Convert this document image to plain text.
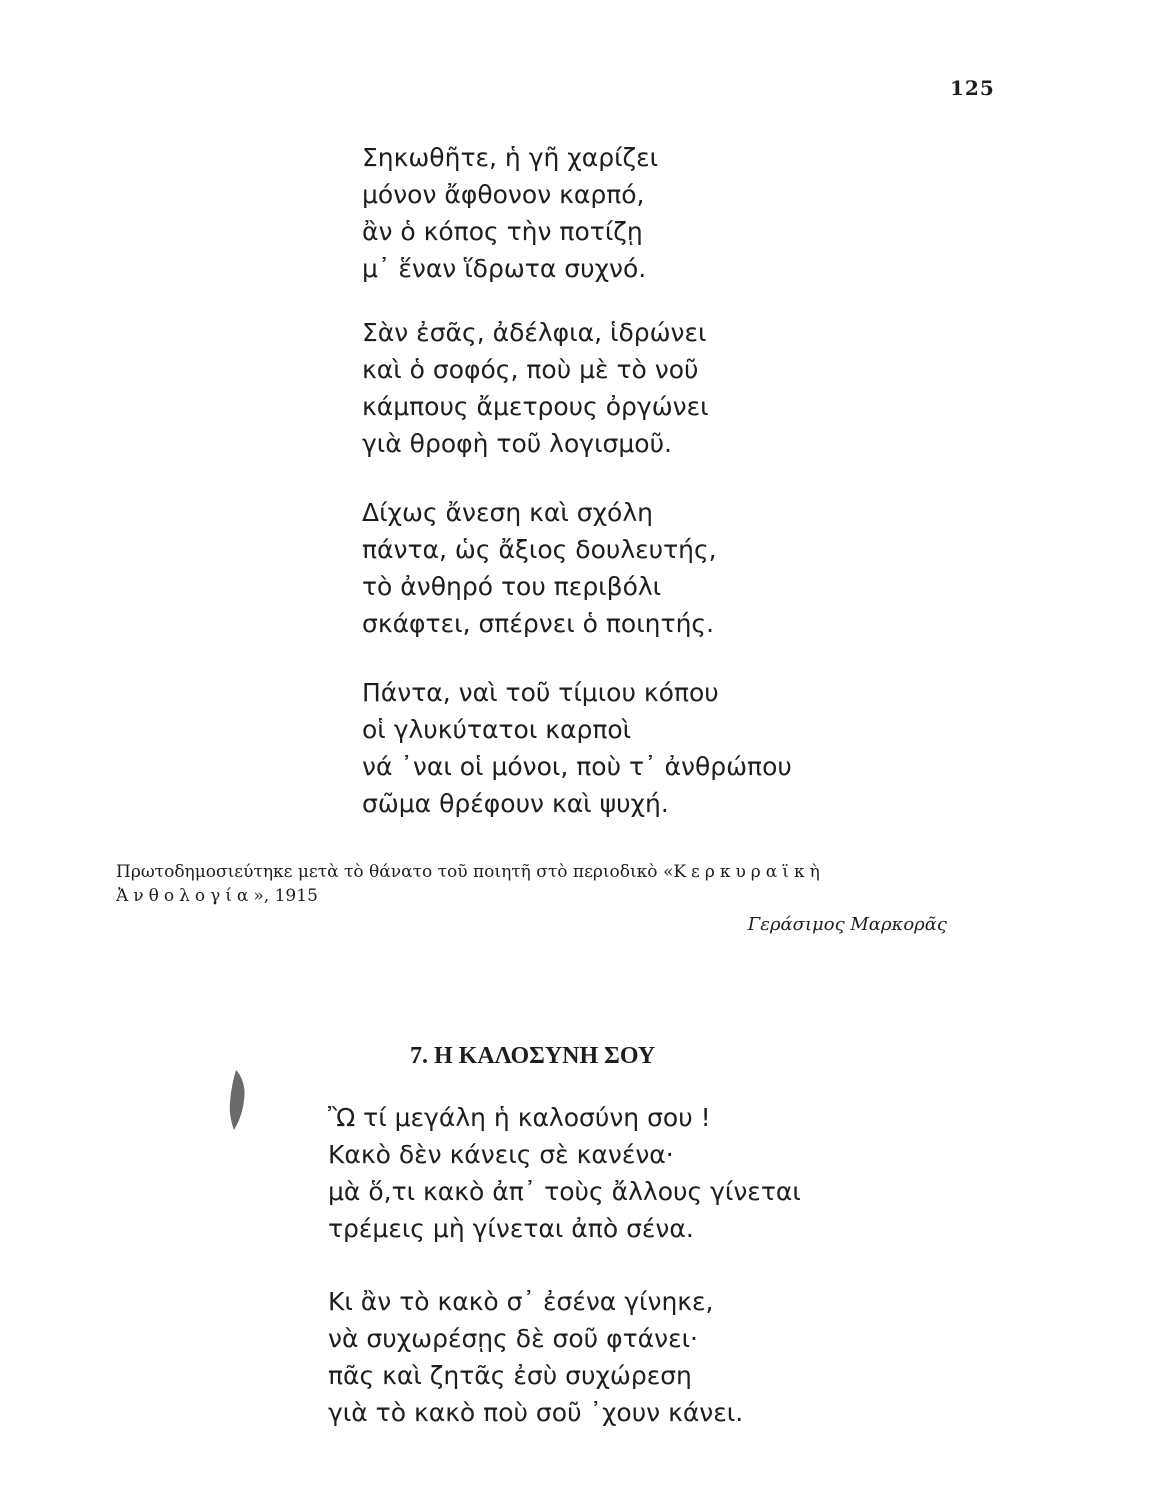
125
Σηκωθῆτε, ἡ γῆ χαρίζει
μόνον ἄφθονον καρπό,
ἂν ὁ κόπος τὴν ποτίζῃ
μ᾽ ἕναν ἵδρωτα συχνό.
Σὰν ἐσᾶς, ἀδέλφια, ἱδρώνει
καὶ ὁ σοφός, ποὺ μὲ τὸ νοῦ
κάμπους ἄμετρους ὀργώνει
γιὰ θροφὴ τοῦ λογισμοῦ.
Δίχως ἄνεση καὶ σχόλη
πάντα, ὡς ἄξιος δουλευτής,
τὸ ἀνθηρό του περιβόλι
σκάφτει, σπέρνει ὁ ποιητής.
Πάντα, ναὶ τοῦ τίμιου κόπου
οἱ γλυκύτατοι καρποὶ
νά ᾽ναι οἱ μόνοι, ποὺ τ᾽ ἀνθρώπου
σῶμα θρέφουν καὶ ψυχή.
Πρωτοδημοσιεύτηκε μετὰ τὸ θάνατο τοῦ ποιητῆ στὸ περιοδικὸ «Κερκυραϊκὴ
Ἀνθολογία», 1915
Γεράσιμος Μαρκορᾶς
7. Η ΚΑΛΟΣΥΝΗ ΣΟΥ
Ὢ τί μεγάλη ἡ καλοσύνη σου !
Κακὸ δὲν κάνεις σὲ κανένα·
μὰ ὅ,τι κακὸ ἀπ᾽ τοὺς ἄλλους γίνεται
τρέμεις μὴ γίνεται ἀπὸ σένα.
Κι ἂν τὸ κακὸ σ᾽ ἐσένα γίνηκε,
νὰ συχωρέσῃς δὲ σοῦ φτάνει·
πᾶς καὶ ζητᾶς ἐσὺ συχώρεση
γιὰ τὸ κακὸ ποὺ σοῦ ᾽χουν κάνει.
